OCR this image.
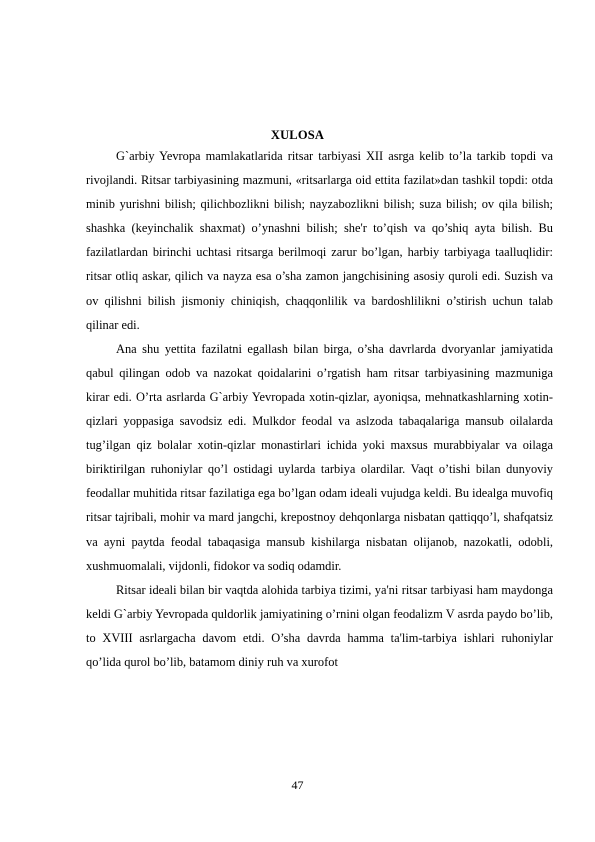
XULOSA

G`arbiy Yevropa mamlakatlarida ritsar tarbiyasi XII asrga kelib to’la tarkib topdi va rivojlandi. Ritsar tarbiyasining mazmuni, «ritsarlarga oid ettita fazilat»dan tashkil topdi: otda minib yurishni bilish; qilichbozlikni bilish; nayzabozlikni bilish; suza bilish; ov qila bilish; shashka (keyinchalik shaxmat) o’ynashni bilish; she'r to’qish va qo’shiq ayta bilish. Bu fazilatlardan birinchi uchtasi ritsarga berilmoqi zarur bo’lgan, harbiy tarbiyaga taalluqlidir: ritsar otliq askar, qilich va nayza esa o’sha zamon jangchisining asosiy quroli edi. Suzish va ov qilishni bilish jismoniy chiniqish, chaqqonlilik va bardoshlilikni o’stirish uchun talab qilinar edi.

Ana shu yettita fazilatni egallash bilan birga, o’sha davrlarda dvoryanlar jamiyatida qabul qilingan odob va nazokat qoidalarini o’rgatish ham ritsar tarbiyasining mazmuniga kirar edi. O’rta asrlarda G`arbiy Yevropada xotin-qizlar, ayoniqsa, mehnatkashlarning xotin-qizlari yoppasiga savodsiz edi. Mulkdor feodal va aslzoda tabaqalariga mansub oilalarda tug’ilgan qiz bolalar xotin-qizlar monastirlari ichida yoki maxsus murabbiyalar va oilaga biriktirilgan ruhoniylar qo’l ostidagi uylarda tarbiya olardilar. Vaqt o’tishi bilan dunyoviy feodallar muhitida ritsar fazilatiga ega bo’lgan odam ideali vujudga keldi. Bu idealga muvofiq ritsar tajribali, mohir va mard jangchi, krepostnoy dehqonlarga nisbatan qattiqqo’l, shafqatsiz va ayni paytda feodal tabaqasiga mansub kishilarga nisbatan olijanob, nazokatli, odobli, xushmuomalali, vijdonli, fidokor va sodiq odamdir.

Ritsar ideali bilan bir vaqtda alohida tarbiya tizimi, ya'ni ritsar tarbiyasi ham maydonga keldi G`arbiy Yevropada quldorlik jamiyatining o’rnini olgan feodalizm V asrda paydo bo’lib, to XVIII asrlargacha davom etdi. O’sha davrda hamma ta'lim-tarbiya ishlari ruhoniylar qo’lida qurol bo’lib, batamom diniy ruh va xurofot

47
